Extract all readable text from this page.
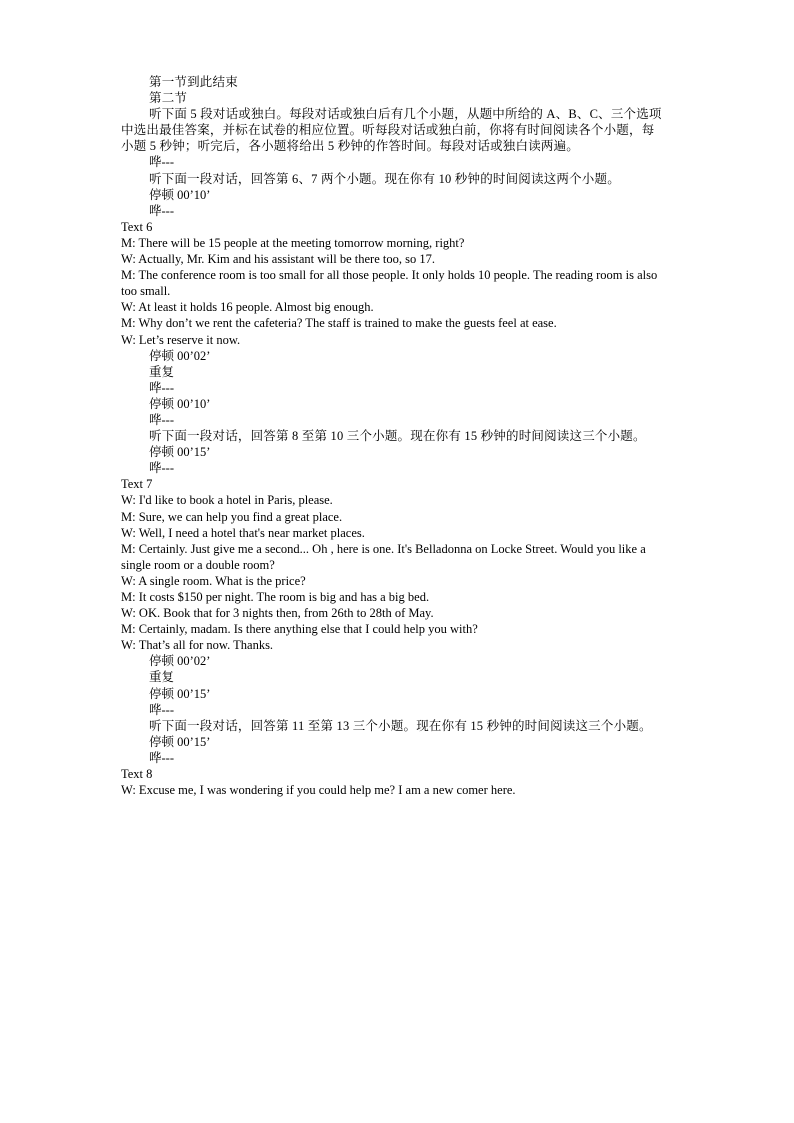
第一节到此结束
第二节
听下面 5 段对话或独白。每段对话或独白后有几个小题，从题中所给的 A、B、C、三个选项中选出最佳答案，并标在试卷的相应位置。听每段对话或独白前，你将有时间阅读各个小题，每小题 5 秒钟；听完后，各小题将给出 5 秒钟的作答时间。每段对话或独白读两遍。
哗---
听下面一段对话，回答第 6、7 两个小题。现在你有 10 秒钟的时间阅读这两个小题。
停顿 00’10’
哗---
Text 6
M: There will be 15 people at the meeting tomorrow morning, right?
W: Actually, Mr. Kim and his assistant will be there too, so 17.
M: The conference room is too small for all those people. It only holds 10 people. The reading room is also too small.
W: At least it holds 16 people. Almost big enough.
M: Why don’t we rent the cafeteria? The staff is trained to make the guests feel at ease.
W: Let’s reserve it now.
停顿 00’02’
重复
哗---
停顿 00’10’
哗---
听下面一段对话，回答第 8 至第 10 三个小题。现在你有 15 秒钟的时间阅读这三个小题。
停顿 00’15’
哗---
Text 7
W: I'd like to book a hotel in Paris, please.
M: Sure, we can help you find a great place.
W: Well, I need a hotel that's near market places.
M: Certainly. Just give me a second... Oh , here is one. It's Belladonna on Locke Street. Would you like a single room or a double room?
W: A single room. What is the price?
M: It costs $150 per night. The room is big and has a big bed.
W: OK. Book that for 3 nights then, from 26th to 28th of May.
M: Certainly, madam. Is there anything else that I could help you with?
W: That’s all for now. Thanks.
停顿 00’02’
重复
停顿 00’15’
哗---
听下面一段对话，回答第 11 至第 13 三个小题。现在你有 15 秒钟的时间阅读这三个小题。
停顿 00’15’
哗---
Text 8
W: Excuse me, I was wondering if you could help me? I am a new comer here.
